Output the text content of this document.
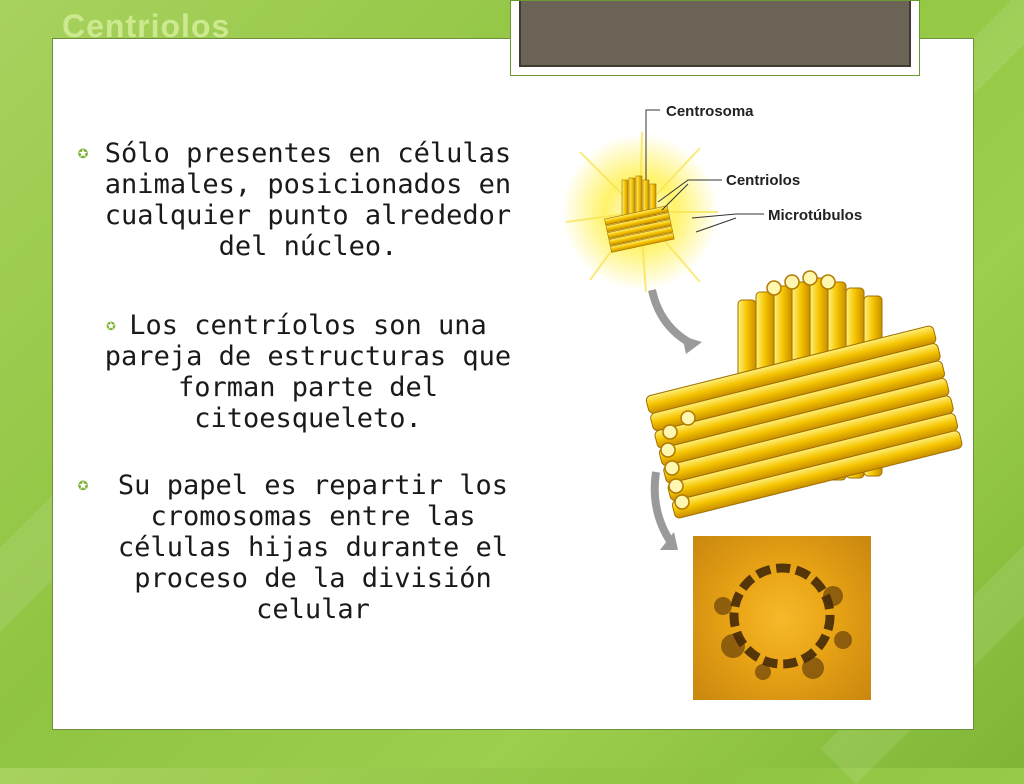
Centriolos
✪ Sólo presentes en células animales, posicionados en cualquier punto alrededor del núcleo.
✪ Los centríolos son una pareja de estructuras que forman parte del citoesqueleto.
✪	Su papel es repartir los cromosomas entre las células hijas durante el proceso de la división celular
Centrosoma
Centriolos
Microtúbulos
